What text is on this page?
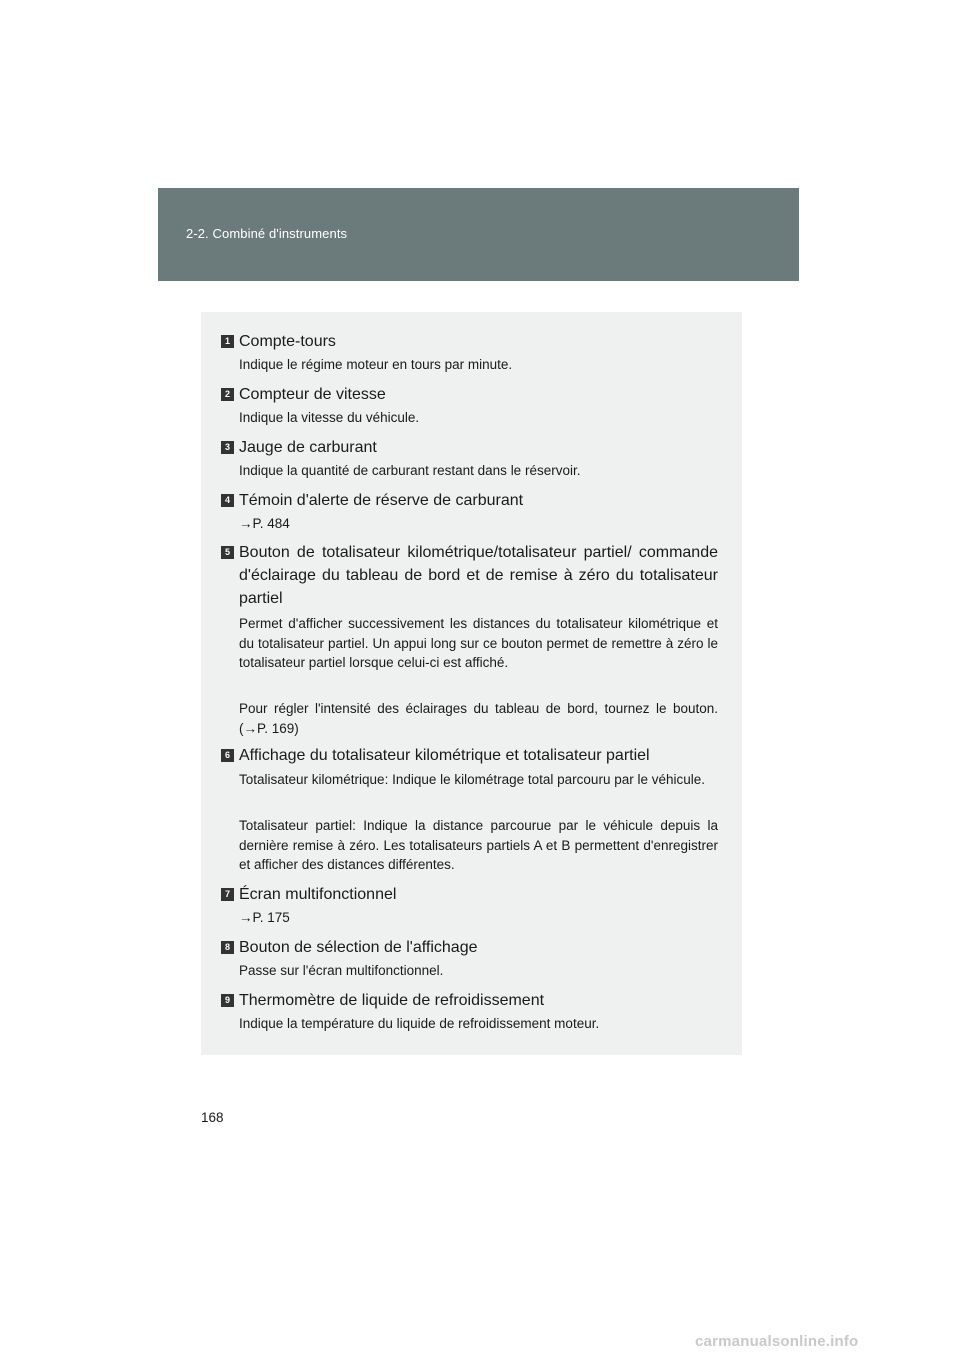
2-2. Combiné d'instruments
1 Compte-tours
Indique le régime moteur en tours par minute.
2 Compteur de vitesse
Indique la vitesse du véhicule.
3 Jauge de carburant
Indique la quantité de carburant restant dans le réservoir.
4 Témoin d'alerte de réserve de carburant
→P. 484
5 Bouton de totalisateur kilométrique/totalisateur partiel/ commande d'éclairage du tableau de bord et de remise à zéro du totalisateur partiel
Permet d'afficher successivement les distances du totalisateur kilométrique et du totalisateur partiel. Un appui long sur ce bouton permet de remettre à zéro le totalisateur partiel lorsque celui-ci est affiché.
Pour régler l'intensité des éclairages du tableau de bord, tournez le bouton. (→P. 169)
6 Affichage du totalisateur kilométrique et totalisateur partiel
Totalisateur kilométrique: Indique le kilométrage total parcouru par le véhicule.
Totalisateur partiel: Indique la distance parcourue par le véhicule depuis la dernière remise à zéro. Les totalisateurs partiels A et B permettent d'enregistrer et afficher des distances différentes.
7 Écran multifonctionnel
→P. 175
8 Bouton de sélection de l'affichage
Passe sur l'écran multifonctionnel.
9 Thermomètre de liquide de refroidissement
Indique la température du liquide de refroidissement moteur.
168
carmanualsonline.info
